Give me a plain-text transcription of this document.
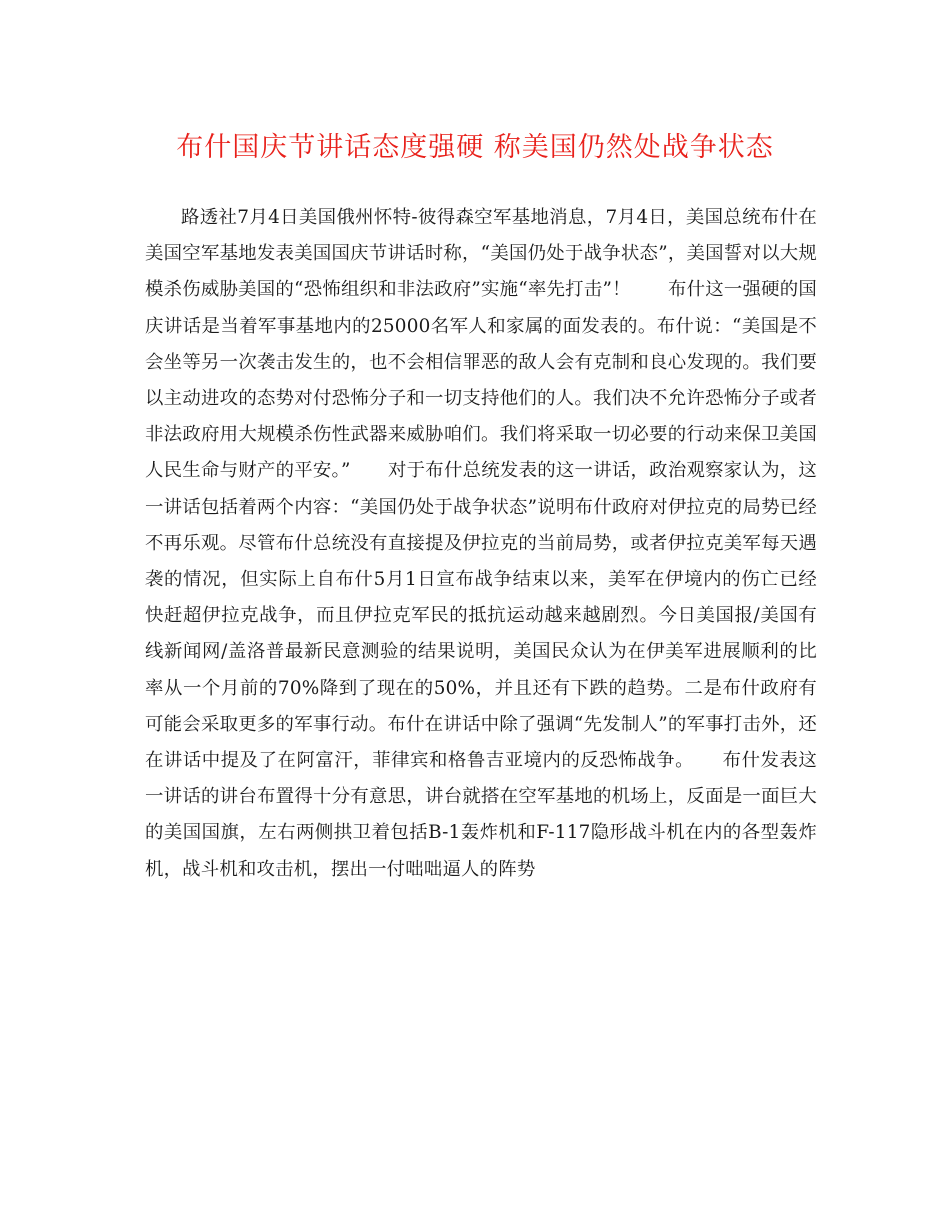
布什国庆节讲话态度强硬 称美国仍然处战争状态

路透社7月4日美国俄州怀特-彼得森空军基地消息，7月4日，美国总统布什在美国空军基地发表美国国庆节讲话时称，“美国仍处于战争状态”，美国誓对以大规模杀伤威胁美国的“恐怖组织和非法政府”实施“率先打击”！　　布什这一强硬的国庆讲话是当着军事基地内的25000名军人和家属的面发表的。布什说：“美国是不会坐等另一次袭击发生的，也不会相信罪恶的敌人会有克制和良心发现的。我们要以主动进攻的态势对付恐怖分子和一切支持他们的人。我们决不允许恐怖分子或者非法政府用大规模杀伤性武器来威胁咱们。我们将采取一切必要的行动来保卫美国人民生命与财产的平安。”　　对于布什总统发表的这一讲话，政治观察家认为，这一讲话包括着两个内容：“美国仍处于战争状态”说明布什政府对伊拉克的局势已经不再乐观。尽管布什总统没有直接提及伊拉克的当前局势，或者伊拉克美军每天遇袭的情况，但实际上自布什5月1日宣布战争结束以来，美军在伊境内的伤亡已经快赶超伊拉克战争，而且伊拉克军民的抵抗运动越来越剧烈。今日美国报/美国有线新闻网/盖洛普最新民意测验的结果说明，美国民众认为在伊美军进展顺利的比率从一个月前的70%降到了现在的50%，并且还有下跌的趋势。二是布什政府有可能会采取更多的军事行动。布什在讲话中除了强调“先发制人”的军事打击外，还在讲话中提及了在阿富汗，菲律宾和格鲁吉亚境内的反恐怖战争。　　布什发表这一讲话的讲台布置得十分有意思，讲台就搭在空军基地的机场上，反面是一面巨大的美国国旗，左右两侧拱卫着包括B-1轰炸机和F-117隐形战斗机在内的各型轰炸机，战斗机和攻击机，摆出一付咄咄逼人的阵势
